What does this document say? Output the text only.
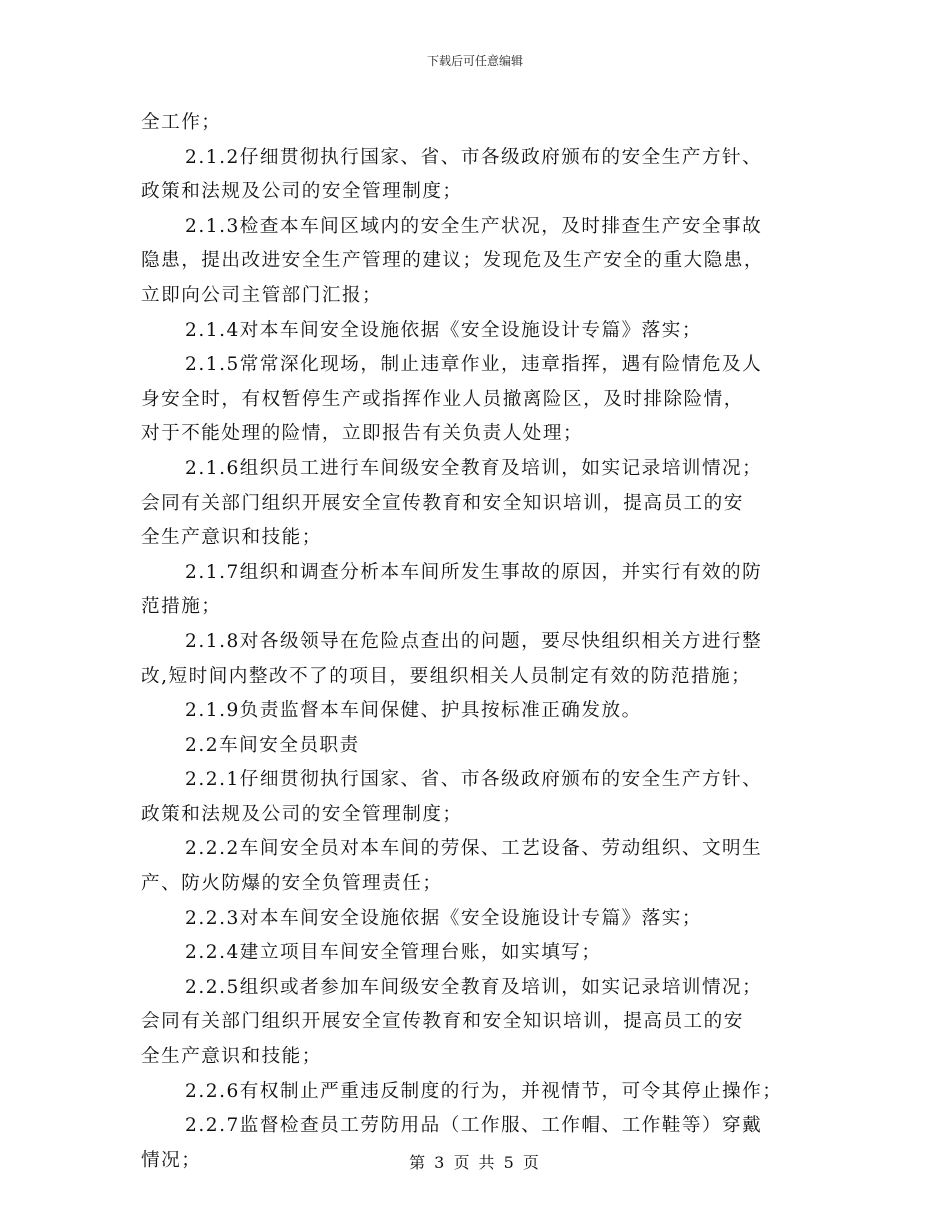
下载后可任意编辑
全工作；
2.1.2仔细贯彻执行国家、省、市各级政府颁布的安全生产方针、
政策和法规及公司的安全管理制度；
2.1.3检查本车间区域内的安全生产状况，及时排查生产安全事故
隐患，提出改进安全生产管理的建议；发现危及生产安全的重大隐患，
立即向公司主管部门汇报；
2.1.4对本车间安全设施依据《安全设施设计专篇》落实；
2.1.5常常深化现场，制止违章作业，违章指挥，遇有险情危及人
身安全时，有权暂停生产或指挥作业人员撤离险区，及时排除险情，
对于不能处理的险情，立即报告有关负责人处理；
2.1.6组织员工进行车间级安全教育及培训，如实记录培训情况；
会同有关部门组织开展安全宣传教育和安全知识培训，提高员工的安
全生产意识和技能；
2.1.7组织和调查分析本车间所发生事故的原因，并实行有效的防
范措施；
2.1.8对各级领导在危险点查出的问题，要尽快组织相关方进行整
改,短时间内整改不了的项目，要组织相关人员制定有效的防范措施；
2.1.9负责监督本车间保健、护具按标准正确发放。
2.2车间安全员职责
2.2.1仔细贯彻执行国家、省、市各级政府颁布的安全生产方针、
政策和法规及公司的安全管理制度；
2.2.2车间安全员对本车间的劳保、工艺设备、劳动组织、文明生
产、防火防爆的安全负管理责任；
2.2.3对本车间安全设施依据《安全设施设计专篇》落实；
2.2.4建立项目车间安全管理台账，如实填写；
2.2.5组织或者参加车间级安全教育及培训，如实记录培训情况；
会同有关部门组织开展安全宣传教育和安全知识培训，提高员工的安
全生产意识和技能；
2.2.6有权制止严重违反制度的行为，并视情节，可令其停止操作；
2.2.7监督检查员工劳防用品（工作服、工作帽、工作鞋等）穿戴
情况；	第 3 页 共 5 页
